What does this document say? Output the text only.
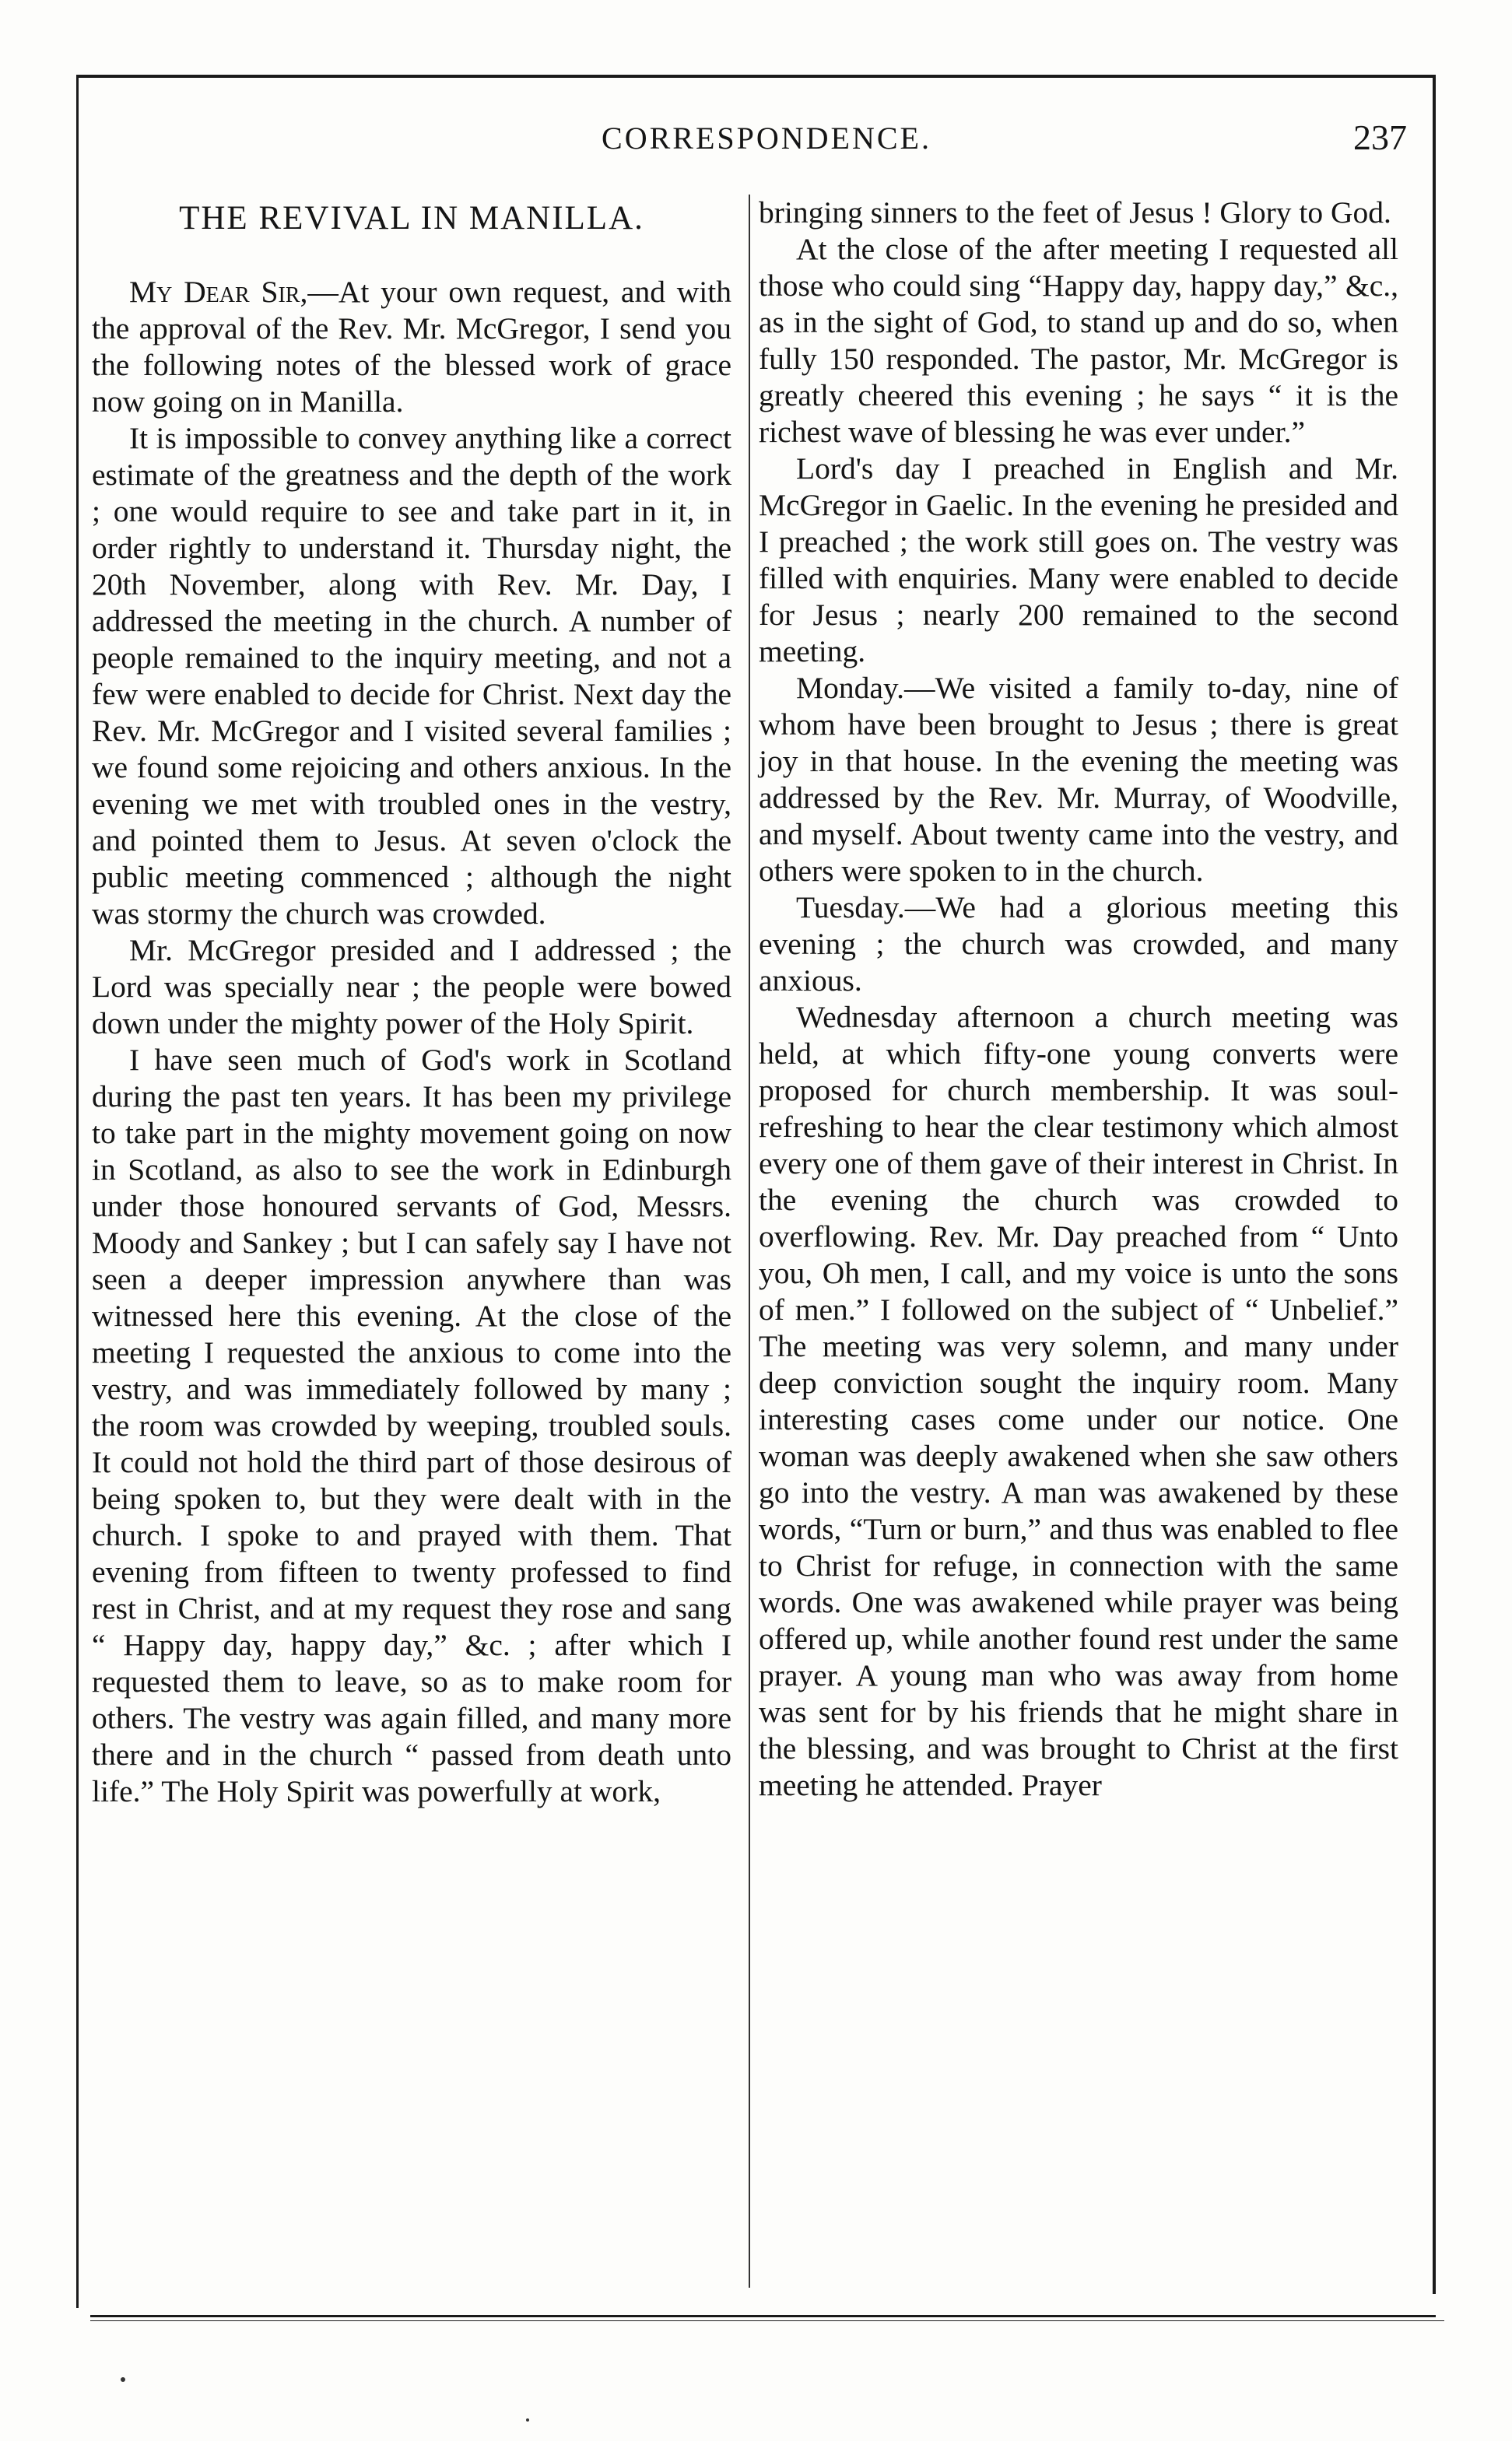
CORRESPONDENCE.	237
THE REVIVAL IN MANILLA.

My Dear Sir,—At your own request, and with the approval of the Rev. Mr. McGregor, I send you the following notes of the blessed work of grace now going on in Manilla.

It is impossible to convey anything like a correct estimate of the greatness and the depth of the work ; one would require to see and take part in it, in order rightly to understand it. Thursday night, the 20th November, along with Rev. Mr. Day, I addressed the meeting in the church. A number of people remained to the inquiry meeting, and not a few were enabled to decide for Christ. Next day the Rev. Mr. McGregor and I visited several families ; we found some rejoicing and others anxious. In the evening we met with troubled ones in the vestry, and pointed them to Jesus. At seven o'clock the public meeting commenced ; although the night was stormy the church was crowded.

Mr. McGregor presided and I addressed ; the Lord was specially near ; the people were bowed down under the mighty power of the Holy Spirit.

I have seen much of God's work in Scotland during the past ten years. It has been my privilege to take part in the mighty movement going on now in Scotland, as also to see the work in Edinburgh under those honoured servants of God, Messrs. Moody and Sankey ; but I can safely say I have not seen a deeper impression anywhere than was witnessed here this evening. At the close of the meeting I requested the anxious to come into the vestry, and was immediately followed by many ; the room was crowded by weeping, troubled souls. It could not hold the third part of those desirous of being spoken to, but they were dealt with in the church. I spoke to and prayed with them. That evening from fifteen to twenty professed to find rest in Christ, and at my request they rose and sang “ Happy day, happy day,” &c. ; after which I requested them to leave, so as to make room for others. The vestry was again filled, and many more there and in the church “ passed from death unto life.” The Holy Spirit was powerfully at work,

bringing sinners to the feet of Jesus ! Glory to God.

At the close of the after meeting I requested all those who could sing “Happy day, happy day,” &c., as in the sight of God, to stand up and do so, when fully 150 responded. The pastor, Mr. McGregor is greatly cheered this evening ; he says “ it is the richest wave of blessing he was ever under.”

Lord's day I preached in English and Mr. McGregor in Gaelic. In the evening he presided and I preached ; the work still goes on. The vestry was filled with enquiries. Many were enabled to decide for Jesus ; nearly 200 remained to the second meeting.

Monday.—We visited a family to-day, nine of whom have been brought to Jesus ; there is great joy in that house. In the evening the meeting was addressed by the Rev. Mr. Murray, of Woodville, and myself. About twenty came into the vestry, and others were spoken to in the church.

Tuesday.—We had a glorious meeting this evening ; the church was crowded, and many anxious.

Wednesday afternoon a church meeting was held, at which fifty-one young converts were proposed for church membership. It was soul-refreshing to hear the clear testimony which almost every one of them gave of their interest in Christ. In the evening the church was crowded to overflowing. Rev. Mr. Day preached from “ Unto you, Oh men, I call, and my voice is unto the sons of men.” I followed on the subject of “ Unbelief.” The meeting was very solemn, and many under deep conviction sought the inquiry room. Many interesting cases come under our notice. One woman was deeply awakened when she saw others go into the vestry. A man was awakened by these words, “Turn or burn,” and thus was enabled to flee to Christ for refuge, in connection with the same words. One was awakened while prayer was being offered up, while another found rest under the same prayer. A young man who was away from home was sent for by his friends that he might share in the blessing, and was brought to Christ at the first meeting he attended. Prayer
